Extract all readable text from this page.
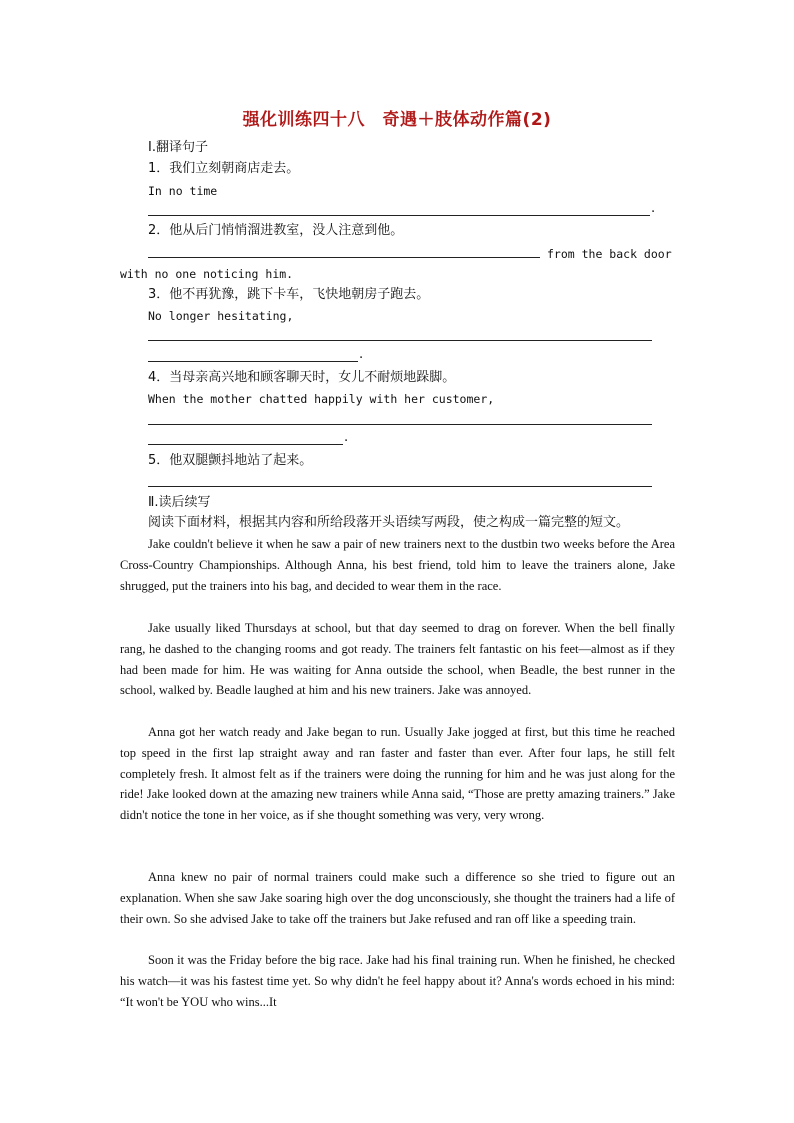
强化训练四十八　奇遇＋肢体动作篇(2)
Ⅰ.翻译句子
1．我们立刻朝商店走去。
In no time
.
2．他从后门悄悄溜进教室，没人注意到他。
from the back door
with no one noticing him.
3．他不再犹豫，跳下卡车，飞快地朝房子跑去。
No longer hesitating,
.
4．当母亲高兴地和顾客聊天时，女儿不耐烦地跺脚。
When the mother chatted happily with her customer,
.
5．他双腿颤抖地站了起来。
Ⅱ.读后续写
阅读下面材料，根据其内容和所给段落开头语续写两段，使之构成一篇完整的短文。
Jake couldn't believe it when he saw a pair of new trainers next to the dustbin two weeks before the Area Cross-Country Championships. Although Anna, his best friend, told him to leave the trainers alone, Jake shrugged, put the trainers into his bag, and decided to wear them in the race.
Jake usually liked Thursdays at school, but that day seemed to drag on forever. When the bell finally rang, he dashed to the changing rooms and got ready. The trainers felt fantastic on his feet—almost as if they had been made for him. He was waiting for Anna outside the school, when Beadle, the best runner in the school, walked by. Beadle laughed at him and his new trainers. Jake was annoyed.
Anna got her watch ready and Jake began to run. Usually Jake jogged at first, but this time he reached top speed in the first lap straight away and ran faster and faster than ever. After four laps, he still felt completely fresh. It almost felt as if the trainers were doing the running for him and he was just along for the ride! Jake looked down at the amazing new trainers while Anna said, “Those are pretty amazing trainers.” Jake didn't notice the tone in her voice, as if she thought something was very, very wrong.
Anna knew no pair of normal trainers could make such a difference so she tried to figure out an explanation. When she saw Jake soaring high over the dog unconsciously, she thought the trainers had a life of their own. So she advised Jake to take off the trainers but Jake refused and ran off like a speeding train.
Soon it was the Friday before the big race. Jake had his final training run. When he finished, he checked his watch—it was his fastest time yet. So why didn't he feel happy about it? Anna's words echoed in his mind: “It won't be YOU who wins...It
